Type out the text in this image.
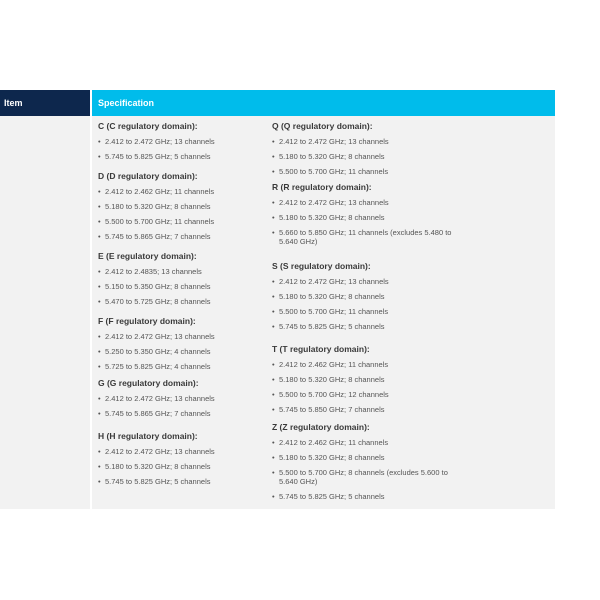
Item	Specification

C (C regulatory domain):

• 2.412 to 2.472 GHz; 13 channels
• 5.745 to 5.825 GHz; 5 channels

D (D regulatory domain):

• 2.412 to 2.462 GHz; 11 channels
• 5.180 to 5.320 GHz; 8 channels
• 5.500 to 5.700 GHz; 11 channels
• 5.745 to 5.865 GHz; 7 channels

E (E regulatory domain):

• 2.412 to 2.4835; 13 channels
• 5.150 to 5.350 GHz; 8 channels
• 5.470 to 5.725 GHz; 8 channels

F (F regulatory domain):

• 2.412 to 2.472 GHz; 13 channels
• 5.250 to 5.350 GHz; 4 channels
• 5.725 to 5.825 GHz; 4 channels

G (G regulatory domain):

• 2.412 to 2.472 GHz; 13 channels
• 5.745 to 5.865 GHz; 7 channels

H (H regulatory domain):

• 2.412 to 2.472 GHz; 13 channels
• 5.180 to 5.320 GHz; 8 channels
• 5.745 to 5.825 GHz; 5 channels

Q (Q regulatory domain):

• 2.412 to 2.472 GHz; 13 channels
• 5.180 to 5.320 GHz; 8 channels
• 5.500 to 5.700 GHz; 11 channels

R (R regulatory domain):

• 2.412 to 2.472 GHz; 13 channels
• 5.180 to 5.320 GHz; 8 channels
• 5.660 to 5.850 GHz; 11 channels (excludes 5.480 to 5.640 GHz)

S (S regulatory domain):

• 2.412 to 2.472 GHz; 13 channels
• 5.180 to 5.320 GHz; 8 channels
• 5.500 to 5.700 GHz; 11 channels
• 5.745 to 5.825 GHz; 5 channels

T (T regulatory domain):

• 2.412 to 2.462 GHz; 11 channels
• 5.180 to 5.320 GHz; 8 channels
• 5.500 to 5.700 GHz; 12 channels
• 5.745 to 5.850 GHz; 7 channels

Z (Z regulatory domain):

• 2.412 to 2.462 GHz; 11 channels
• 5.180 to 5.320 GHz; 8 channels
• 5.500 to 5.700 GHz; 8 channels (excludes 5.600 to 5.640 GHz)
• 5.745 to 5.825 GHz; 5 channels
